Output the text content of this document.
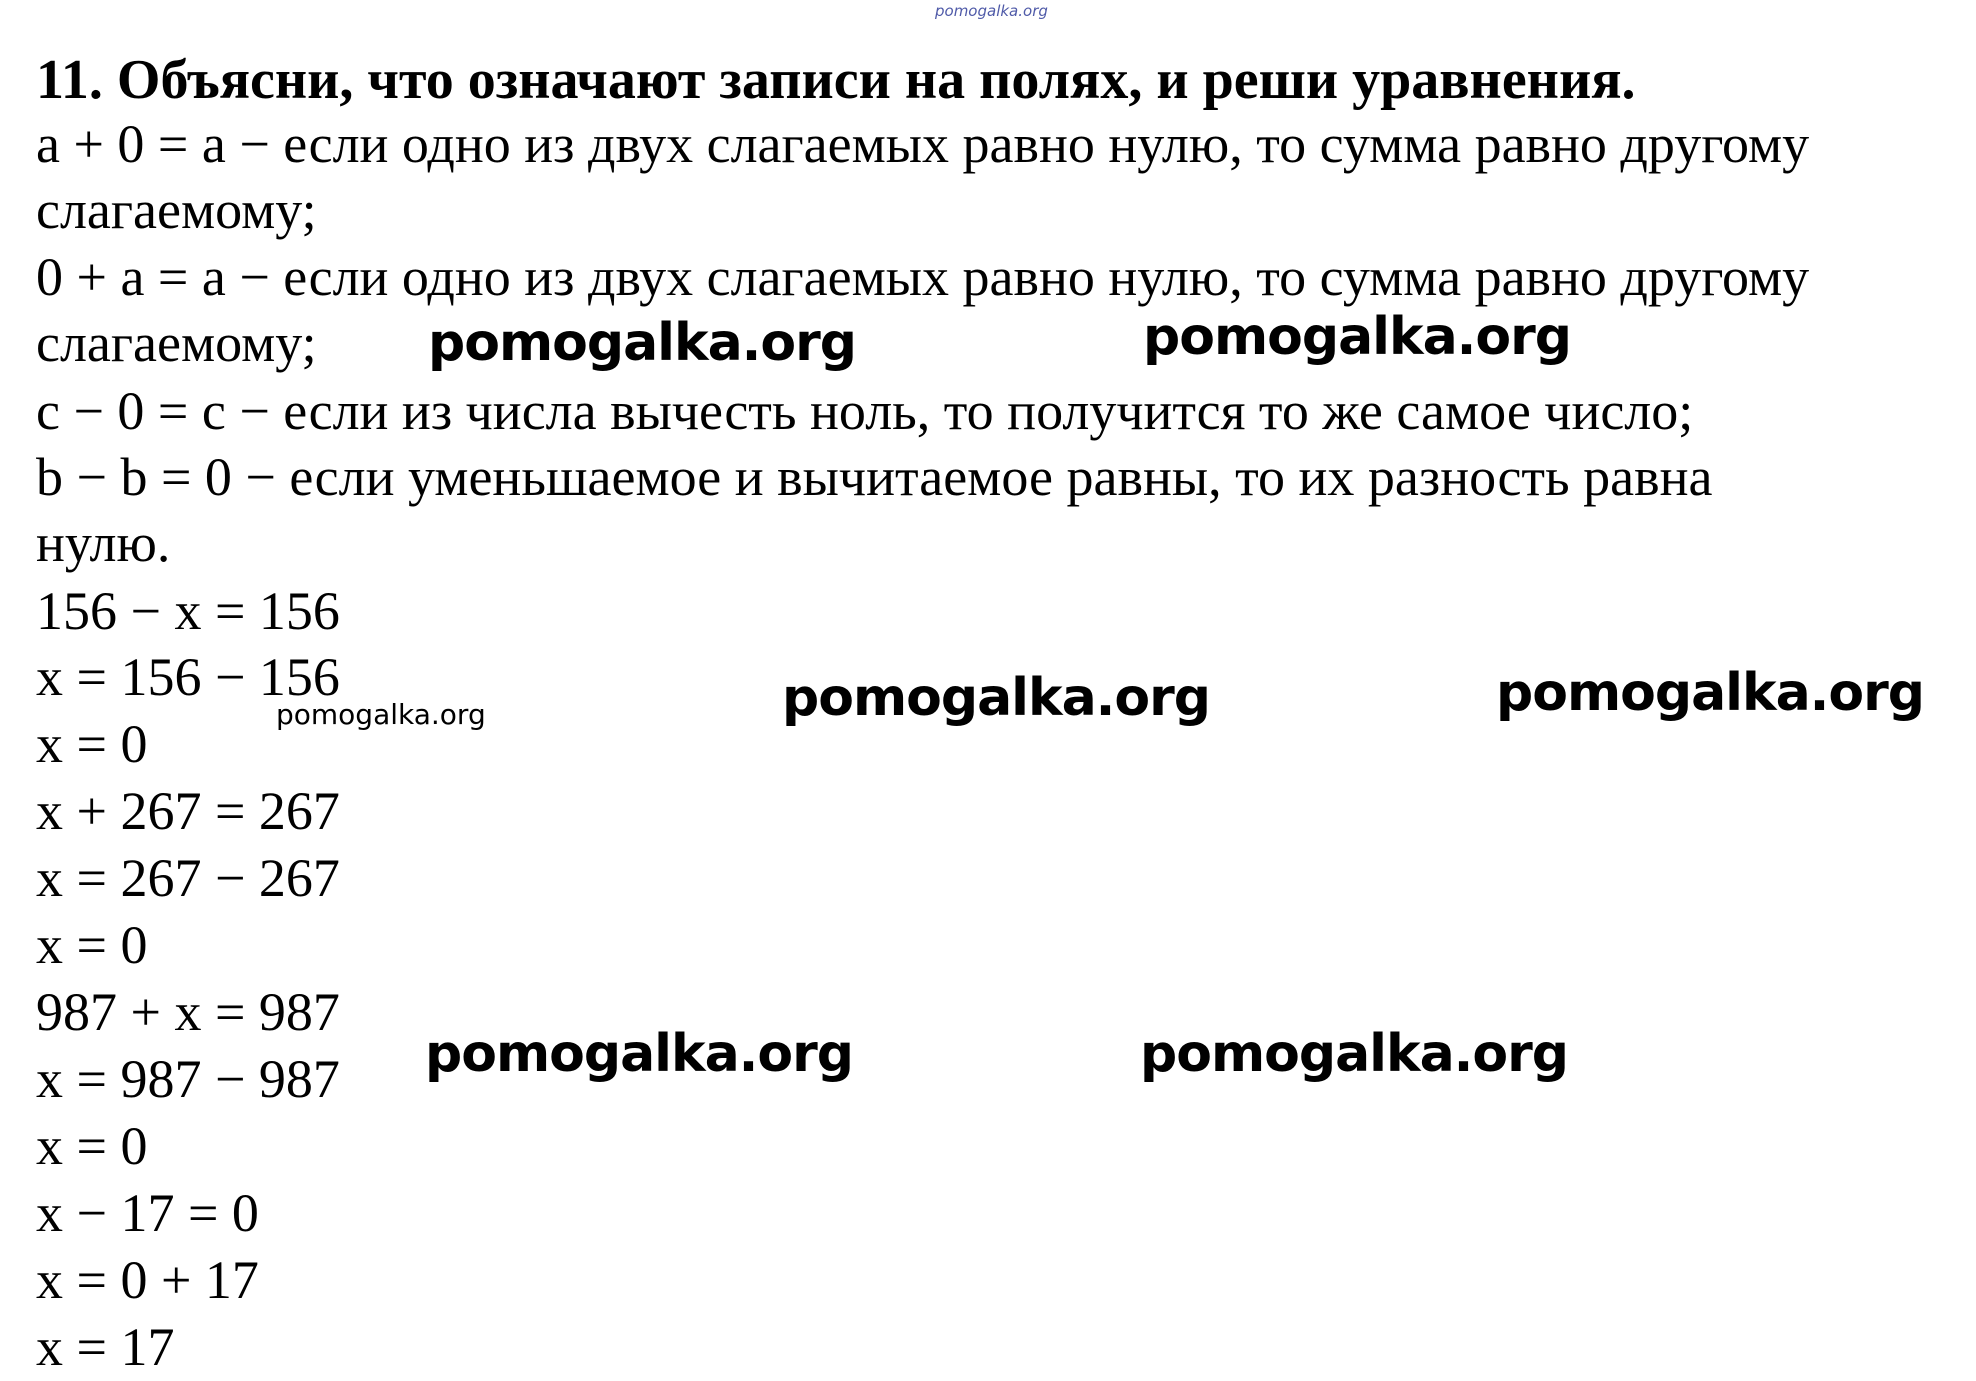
pomogalka.org
11. Объясни, что означают записи на полях, и реши уравнения.
a + 0 = a − если одно из двух слагаемых равно нулю, то сумма равно другому
слагаемому;
0 + a = a − если одно из двух слагаемых равно нулю, то сумма равно другому
слагаемому;
c − 0 = c − если из числа вычесть ноль, то получится то же самое число;
b − b = 0 − если уменьшаемое и вычитаемое равны, то их разность равна
нулю.
156 − x = 156
x = 156 − 156
x = 0
x + 267 = 267
x = 267 − 267
x = 0
987 + x = 987
x = 987 − 987
x = 0
x − 17 = 0
x = 0 + 17
x = 17
pomogalka.org	pomogalka.org
pomogalka.org	pomogalka.org
pomogalka.org	pomogalka.org
pomogalka.org
